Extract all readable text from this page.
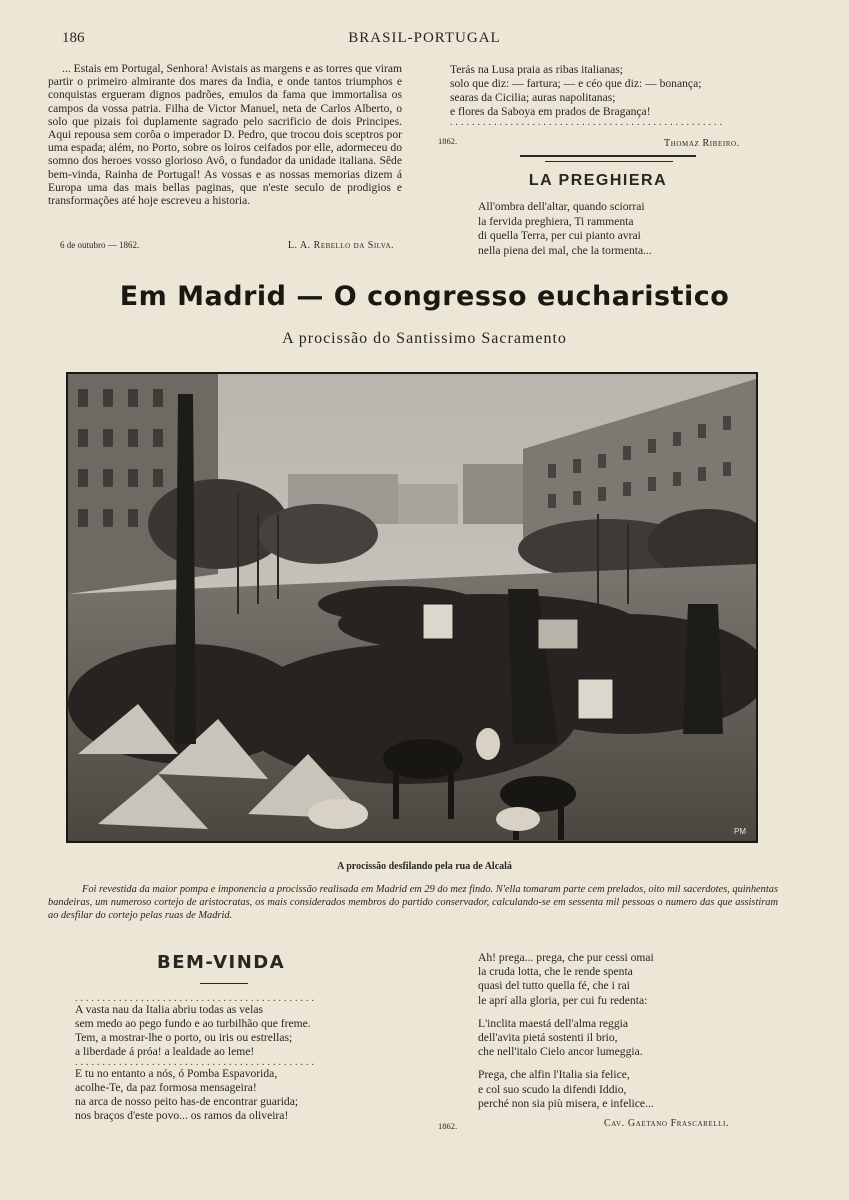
186	BRASIL-PORTUGAL

... Estais em Portugal, Senhora! Avistais as margens e as torres que viram partir o primeiro almirante dos mares da India, e onde tantos triumphos e conquistas ergueram dignos padrões, emulos da fama que immortalisa os campos da vossa patria. Filha de Victor Manuel, neta de Carlos Alberto, o solo que pizais foi duplamente sagrado pelo sacrificio de dois Principes. Aqui repousa sem corôa o imperador D. Pedro, que trocou dois sceptros por uma espada; além, no Porto, sobre os loiros ceifados por elle, adormeceu do somno dos heroes vosso glorioso Avô, o fundador da unidade italiana. Sêde bem-vinda, Rainha de Portugal! As vossas e as nossas memorias dizem á Europa uma das mais bellas paginas, que n'este seculo de prodigios e transformações até hoje escreveu a historia.

6 de outubro — 1862.	L. A. Rebello da Silva.
Terás na Lusa praia as ribas italianas;
solo que diz: — fartura; — e céo que diz: — bonança;
searas da Cicilia; auras napolitanas;
e flores da Saboya em prados de Bragança!
..................................................
1862.	Thomaz Ribeiro.
LA PREGHIERA
All'ombra dell'altar, quando sciorrai
la fervida preghiera, Ti rammenta
di quella Terra, per cui pianto avrai
nella piena dei mal, che la tormenta...
Em Madrid — O congresso eucharistico
A procissão do Santissimo Sacramento
PM
A procissão desfilando pela rua de Alcalá
Foi revestida da maior pompa e imponencia a procissão realisada em Madrid em 29 do mez findo. N'ella tomaram parte cem prelados, oito mil sacerdotes, quinhentas bandeiras, um numeroso cortejo de aristocratas, os mais considerados membros do partido conservador, calculando-se em sessenta mil pessoas o numero das que assistiram ao desfilar do cortejo pelas ruas de Madrid.
BEM-VINDA
............................................
A vasta nau da Italia abriu todas as velas
sem medo ao pego fundo e ao turbilhão que freme.
Tem, a mostrar-lhe o porto, ou iris ou estrellas;
a liberdade á próa! a lealdade ao leme!
............................................
E tu no entanto a nós, ó Pomba Espavorida,
acolhe-Te, da paz formosa mensageira!
na arca de nosso peito has-de encontrar guarida;
nos braços d'este povo... os ramos da oliveira!
Ah! prega... prega, che pur cessi omai
la cruda lotta, che le rende spenta
quasi del tutto quella fé, che i rai
le aprí alla gloria, per cui fu redenta:
L'inclita maestá dell'alma reggia
dell'avita pietá sostenti il brio,
che nell'italo Cielo ancor lumeggia.
Prega, che alfin l'Italia sia felice,
e col suo scudo la difendi Iddio,
perché non sia più misera, e infelice...
1862.	Cav. Gaetano Frascarelli.
